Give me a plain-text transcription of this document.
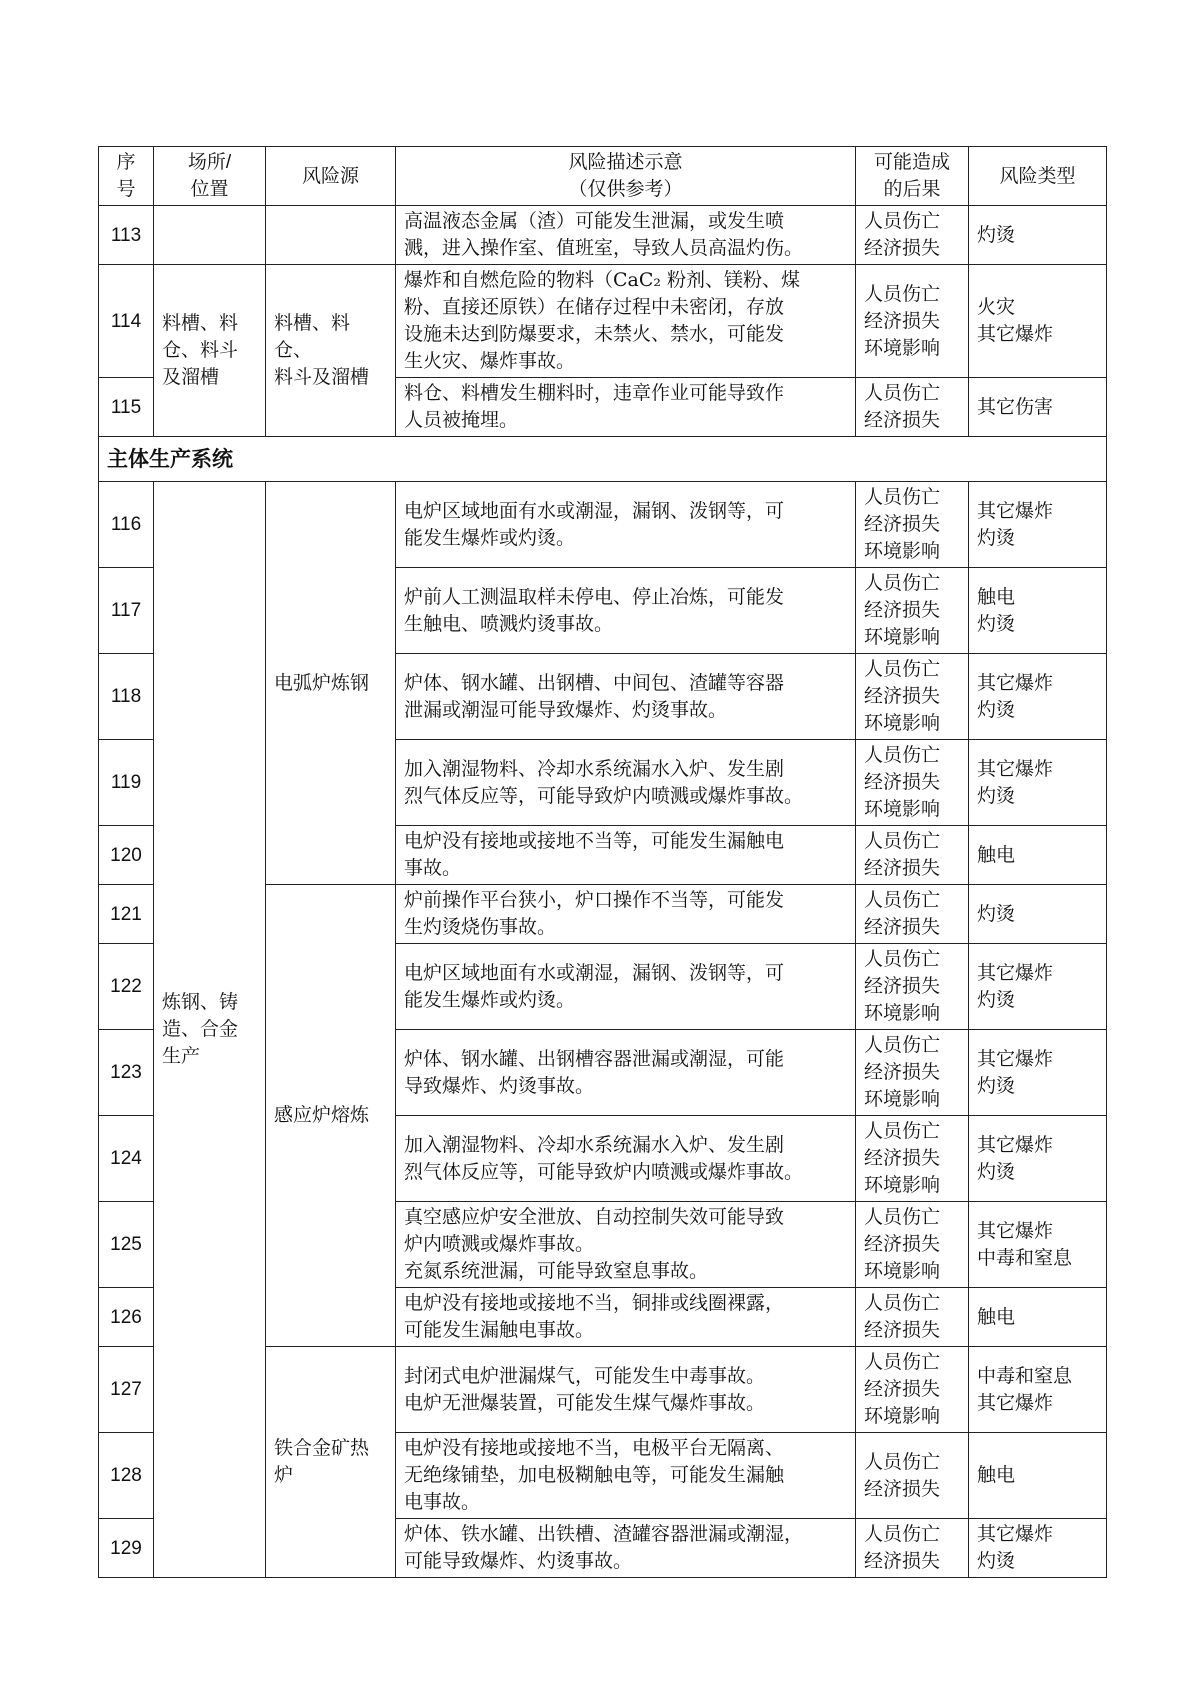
序
号	场所/
位置	风险源	风险描述示意
（仅供参考）	可能造成
的后果	风险类型
113			高温液态金属（渣）可能发生泄漏，或发生喷
溅，进入操作室、值班室，导致人员高温灼伤。	人员伤亡
经济损失	灼烫

114	料槽、料
仓、料斗
及溜槽	料槽、料仓、
料斗及溜槽	爆炸和自燃危险的物料（CaC₂ 粉剂、镁粉、煤
粉、直接还原铁）在储存过程中未密闭，存放
设施未达到防爆要求，未禁火、禁水，可能发
生火灾、爆炸事故。	人员伤亡
经济损失
环境影响	火灾
其它爆炸

115			料仓、料槽发生棚料时，违章作业可能导致作
人员被掩埋。	人员伤亡
经济损失	其它伤害

主体生产系统					
116	炼钢、铸
造、合金
生产	电弧炉炼钢	电炉区域地面有水或潮湿，漏钢、泼钢等，可
能发生爆炸或灼烫。	人员伤亡
经济损失
环境影响	其它爆炸
灼烫

117			炉前人工测温取样未停电、停止冶炼，可能发
生触电、喷溅灼烫事故。	人员伤亡
经济损失
环境影响	触电
灼烫

118			炉体、钢水罐、出钢槽、中间包、渣罐等容器
泄漏或潮湿可能导致爆炸、灼烫事故。	人员伤亡
经济损失
环境影响	其它爆炸
灼烫

119			加入潮湿物料、冷却水系统漏水入炉、发生剧
烈气体反应等，可能导致炉内喷溅或爆炸事故。	人员伤亡
经济损失
环境影响	其它爆炸
灼烫

120			电炉没有接地或接地不当等，可能发生漏触电
事故。	人员伤亡
经济损失	触电

121		感应炉熔炼	炉前操作平台狭小，炉口操作不当等，可能发
生灼烫烧伤事故。	人员伤亡
经济损失	灼烫

122			电炉区域地面有水或潮湿，漏钢、泼钢等，可
能发生爆炸或灼烫。	人员伤亡
经济损失
环境影响	其它爆炸
灼烫

123			炉体、钢水罐、出钢槽容器泄漏或潮湿，可能
导致爆炸、灼烫事故。	人员伤亡
经济损失
环境影响	其它爆炸
灼烫

124			加入潮湿物料、冷却水系统漏水入炉、发生剧
烈气体反应等，可能导致炉内喷溅或爆炸事故。	人员伤亡
经济损失
环境影响	其它爆炸
灼烫

125			真空感应炉安全泄放、自动控制失效可能导致
炉内喷溅或爆炸事故。
充氮系统泄漏，可能导致窒息事故。	人员伤亡
经济损失
环境影响	其它爆炸
中毒和窒息

126			电炉没有接地或接地不当，铜排或线圈裸露，
可能发生漏触电事故。	人员伤亡
经济损失	触电

127		铁合金矿热
炉	封闭式电炉泄漏煤气，可能发生中毒事故。
电炉无泄爆装置，可能发生煤气爆炸事故。	人员伤亡
经济损失
环境影响	中毒和窒息
其它爆炸

128			电炉没有接地或接地不当，电极平台无隔离、
无绝缘铺垫，加电极糊触电等，可能发生漏触
电事故。	人员伤亡
经济损失	触电

129			炉体、铁水罐、出铁槽、渣罐容器泄漏或潮湿，
可能导致爆炸、灼烫事故。	人员伤亡
经济损失	其它爆炸
灼烫
